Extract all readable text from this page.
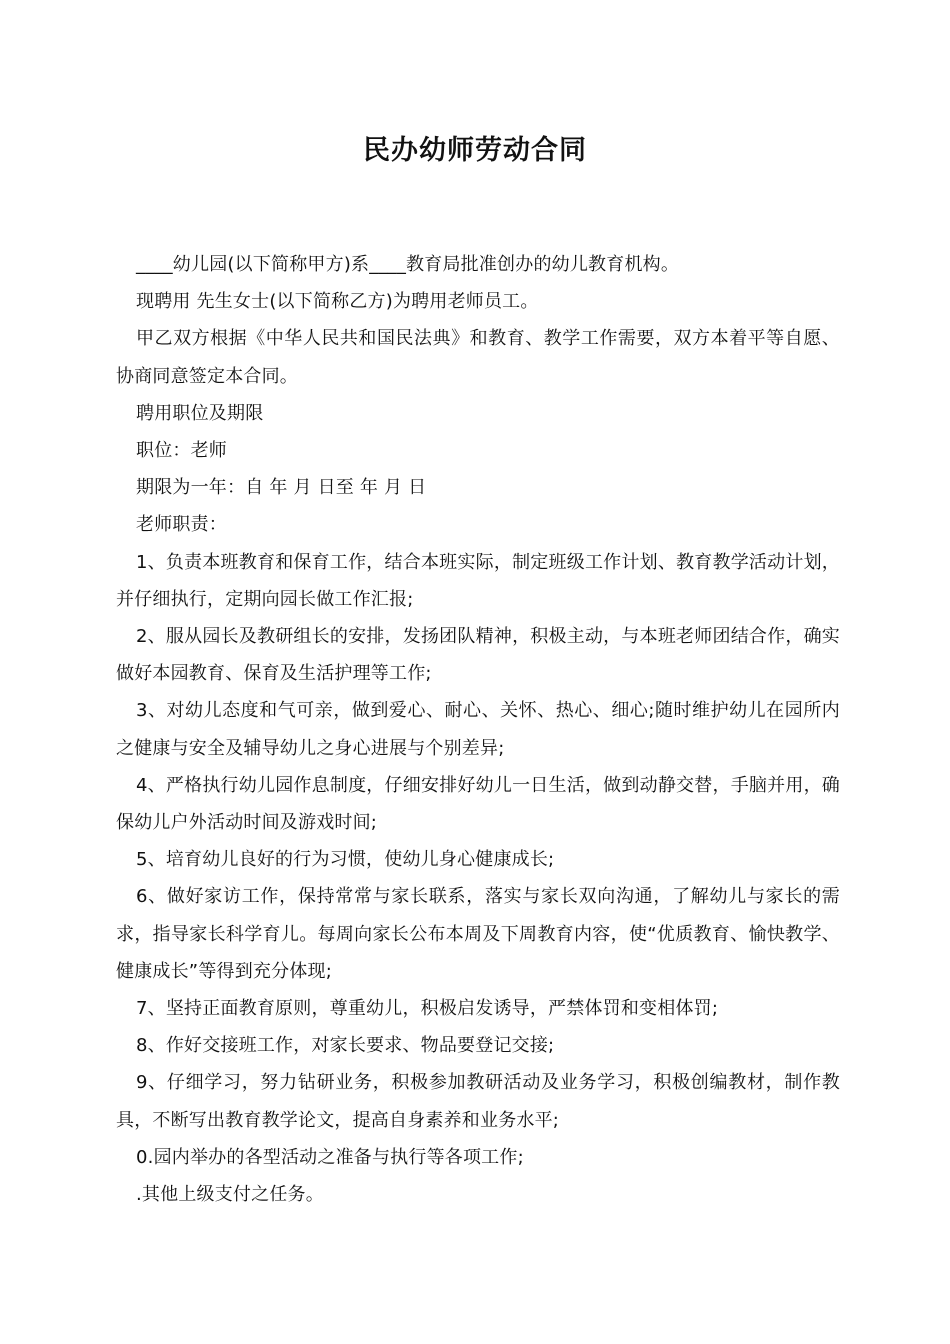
民办幼师劳动合同

____幼儿园(以下简称甲方)系____教育局批准创办的幼儿教育机构。

现聘用 先生女士(以下简称乙方)为聘用老师员工。

甲乙双方根据《中华人民共和国民法典》和教育、教学工作需要，双方本着平等自愿、协商同意签定本合同。

聘用职位及期限

职位：老师

期限为一年：自 年 月 日至 年 月 日

老师职责：

1、负责本班教育和保育工作，结合本班实际，制定班级工作计划、教育教学活动计划，并仔细执行，定期向园长做工作汇报;

2、服从园长及教研组长的安排，发扬团队精神，积极主动，与本班老师团结合作，确实做好本园教育、保育及生活护理等工作;

3、对幼儿态度和气可亲，做到爱心、耐心、关怀、热心、细心;随时维护幼儿在园所内之健康与安全及辅导幼儿之身心进展与个别差异;

4、严格执行幼儿园作息制度，仔细安排好幼儿一日生活，做到动静交替，手脑并用，确保幼儿户外活动时间及游戏时间;

5、培育幼儿良好的行为习惯，使幼儿身心健康成长;

6、做好家访工作，保持常常与家长联系，落实与家长双向沟通，了解幼儿与家长的需求，指导家长科学育儿。每周向家长公布本周及下周教育内容，使“优质教育、愉快教学、健康成长”等得到充分体现;

7、坚持正面教育原则，尊重幼儿，积极启发诱导，严禁体罚和变相体罚;

8、作好交接班工作，对家长要求、物品要登记交接;

9、仔细学习，努力钻研业务，积极参加教研活动及业务学习，积极创编教材，制作教具，不断写出教育教学论文，提高自身素养和业务水平;

0.园内举办的各型活动之准备与执行等各项工作;

.其他上级支付之任务。
